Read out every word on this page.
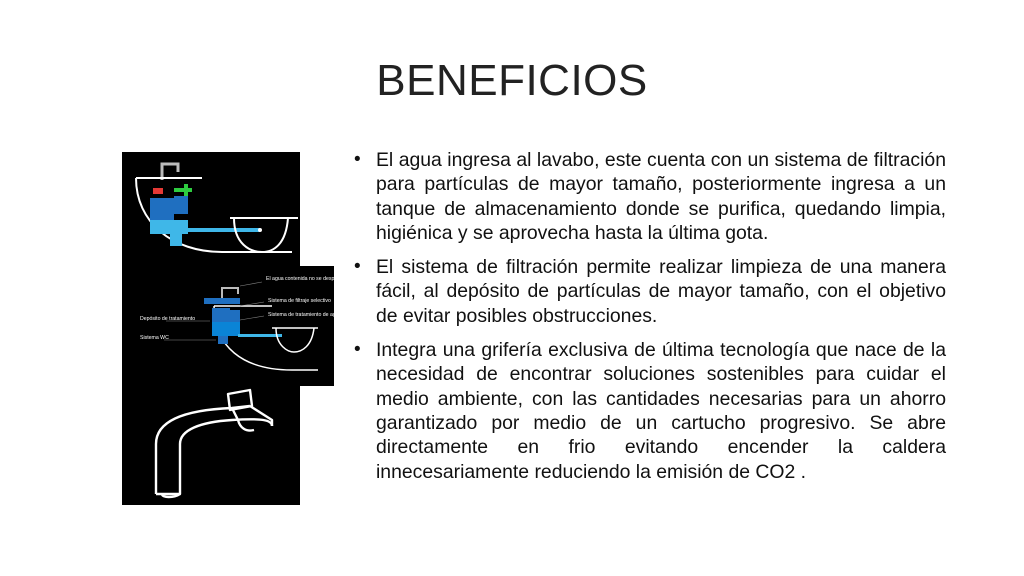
BENEFICIOS
El agua contenida no se desperdicia
Sistema de filtraje selectivo
Sistema de tratamiento de agua
Depósito de tratamiento
Sistema WC
• El agua ingresa al lavabo, este cuenta con un sistema de filtración para partículas de mayor tamaño, posteriormente ingresa a un tanque de almacenamiento donde se purifica, quedando limpia, higiénica y se aprovecha hasta la última gota.
• El sistema de filtración permite realizar limpieza de una manera fácil, al depósito de partículas de mayor tamaño, con el objetivo de evitar posibles obstrucciones.
• Integra una grifería exclusiva de última tecnología que nace de la necesidad de encontrar soluciones sostenibles para cuidar el medio ambiente, con las cantidades necesarias para un ahorro garantizado por medio de un cartucho progresivo. Se abre directamente en frio evitando encender la caldera innecesariamente reduciendo la emisión de CO2 .
